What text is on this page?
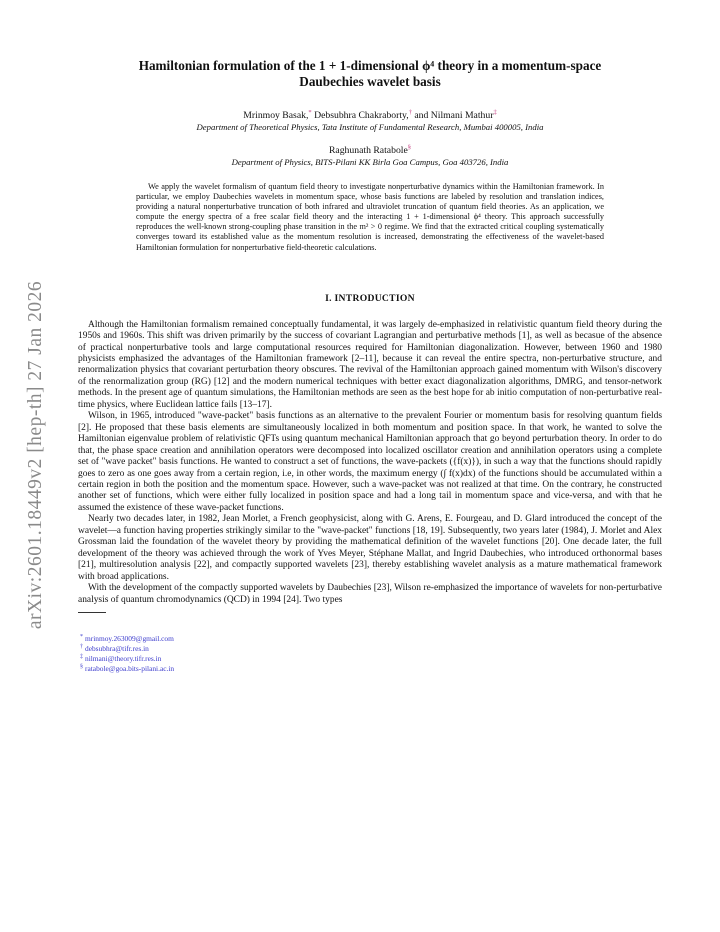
arXiv:2601.18449v2 [hep-th] 27 Jan 2026
Hamiltonian formulation of the 1 + 1-dimensional ϕ⁴ theory in a momentum-space
Daubechies wavelet basis
Mrinmoy Basak,* Debsubhra Chakraborty,† and Nilmani Mathur‡
Department of Theoretical Physics, Tata Institute of Fundamental Research, Mumbai 400005, India
Raghunath Ratabole§
Department of Physics, BITS-Pilani KK Birla Goa Campus, Goa 403726, India
We apply the wavelet formalism of quantum field theory to investigate nonperturbative dynamics within the Hamiltonian framework. In particular, we employ Daubechies wavelets in momentum space, whose basis functions are labeled by resolution and translation indices, providing a natural nonperturbative truncation of both infrared and ultraviolet truncation of quantum field theories. As an application, we compute the energy spectra of a free scalar field theory and the interacting 1 + 1-dimensional ϕ⁴ theory. This approach successfully reproduces the well-known strong-coupling phase transition in the m² > 0 regime. We find that the extracted critical coupling systematically converges toward its established value as the momentum resolution is increased, demonstrating the effectiveness of the wavelet-based Hamiltonian formulation for nonperturbative field-theoretic calculations.
I. INTRODUCTION

Although the Hamiltonian formalism remained conceptually fundamental, it was largely de-emphasized in relativistic quantum field theory during the 1950s and 1960s. This shift was driven primarily by the success of covariant Lagrangian and perturbative methods [1], as well as becasue of the absence of practical nonperturbative tools and large computational resources required for Hamiltonian diagonalization. However, between 1960 and 1980 physicists emphasized the advantages of the Hamiltonian framework [2–11], because it can reveal the entire spectra, non-perturbative structure, and renormalization physics that covariant perturbation theory obscures. The revival of the Hamiltonian approach gained momentum with Wilson's discovery of the renormalization group (RG) [12] and the modern numerical techniques with better exact diagonalization algorithms, DMRG, and tensor-network methods. In the present age of quantum simulations, the Hamiltonian methods are seen as the best hope for ab initio computation of non-perturbative real-time physics, where Euclidean lattice fails [13–17].

Wilson, in 1965, introduced "wave-packet" basis functions as an alternative to the prevalent Fourier or momentum basis for resolving quantum fields [2]. He proposed that these basis elements are simultaneously localized in both momentum and position space. In that work, he wanted to solve the Hamiltonian eigenvalue problem of relativistic QFTs using quantum mechanical Hamiltonian approach that go beyond perturbation theory. In order to do that, the phase space creation and annihilation operators were decomposed into localized oscillator creation and annihilation operators using a complete set of "wave packet" basis functions. He wanted to construct a set of functions, the wave-packets ({f(x)}), in such a way that the functions should rapidly goes to zero as one goes away from a certain region, i.e, in other words, the maximum energy (∫ f(x)dx) of the functions should be accumulated within a certain region in both the position and the momentum space. However, such a wave-packet was not realized at that time. On the contrary, he constructed another set of functions, which were either fully localized in position space and had a long tail in momentum space and vice-versa, and with that he assumed the existence of these wave-packet functions.

Nearly two decades later, in 1982, Jean Morlet, a French geophysicist, along with G. Arens, E. Fourgeau, and D. Glard introduced the concept of the wavelet—a function having properties strikingly similar to the "wave-packet" functions [18, 19]. Subsequently, two years later (1984), J. Morlet and Alex Grossman laid the foundation of the wavelet theory by providing the mathematical definition of the wavelet functions [20]. One decade later, the full development of the theory was achieved through the work of Yves Meyer, Stéphane Mallat, and Ingrid Daubechies, who introduced orthonormal bases [21], multiresolution analysis [22], and compactly supported wavelets [23], thereby establishing wavelet analysis as a mature mathematical framework with broad applications.

With the development of the compactly supported wavelets by Daubechies [23], Wilson re-emphasized the importance of wavelets for non-perturbative analysis of quantum chromodynamics (QCD) in 1994 [24]. Two types

* mrinmoy.263009@gmail.com
† debsubhra@tifr.res.in
‡ nilmani@theory.tifr.res.in
§ ratabole@goa.bits-pilani.ac.in
